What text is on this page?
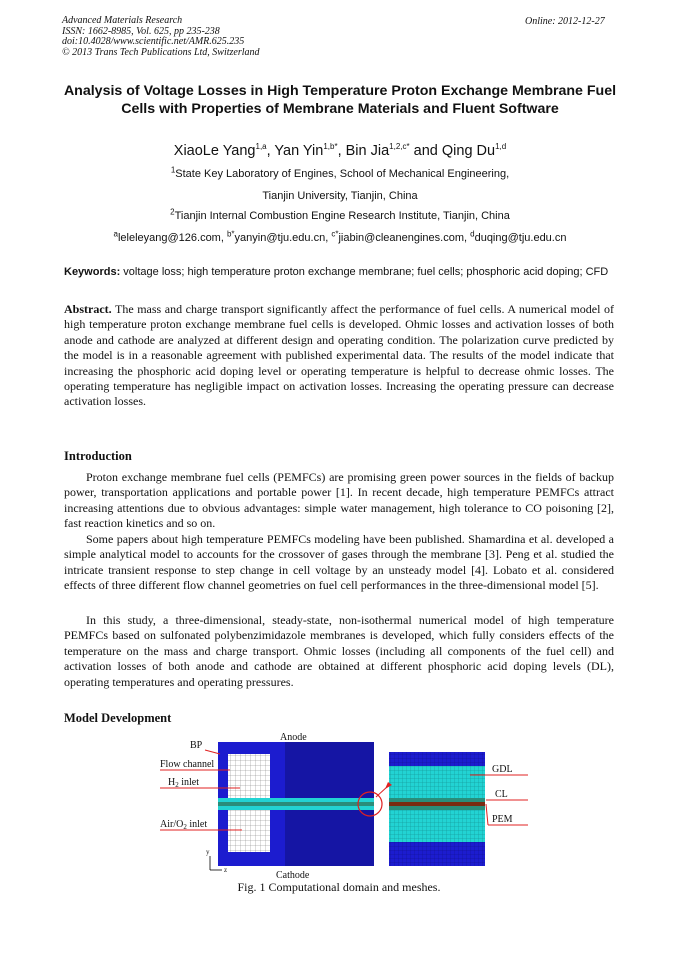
Advanced Materials Research
ISSN: 1662-8985, Vol. 625, pp 235-238
doi:10.4028/www.scientific.net/AMR.625.235
© 2013 Trans Tech Publications Ltd, Switzerland
Online: 2012-12-27
Analysis of Voltage Losses in High Temperature Proton Exchange Membrane Fuel Cells with Properties of Membrane Materials and Fluent Software
XiaoLe Yang$^{1,a}$, Yan Yin$^{1,b*}$, Bin Jia$^{1,2,c*}$ and Qing Du$^{1,d}$
$^1$State Key Laboratory of Engines, School of Mechanical Engineering,
Tianjin University, Tianjin, China
$^2$Tianjin Internal Combustion Engine Research Institute, Tianjin, China
$^a$leleleyang@126.com, $^{b*}$yanyin@tju.edu.cn, $^{c*}$jiabin@cleanengines.com, $^d$duqing@tju.edu.cn
Keywords: voltage loss; high temperature proton exchange membrane; fuel cells; phosphoric acid doping; CFD
Abstract. The mass and charge transport significantly affect the performance of fuel cells. A numerical model of high temperature proton exchange membrane fuel cells is developed. Ohmic losses and activation losses of both anode and cathode are analyzed at different design and operating condition. The polarization curve predicted by the model is in a reasonable agreement with published experimental data. The results of the model indicate that increasing the phosphoric acid doping level or operating temperature is helpful to decrease ohmic losses. The operating temperature has negligible impact on activation losses. Increasing the operating pressure can decrease activation losses.
Introduction
Proton exchange membrane fuel cells (PEMFCs) are promising green power sources in the fields of backup power, transportation applications and portable power [1]. In recent decade, high temperature PEMFCs attract increasing attentions due to obvious advantages: simple water management, high tolerance to CO poisoning [2], fast reaction kinetics and so on.
Some papers about high temperature PEMFCs modeling have been published. Shamardina et al. developed a simple analytical model to accounts for the crossover of gases through the membrane [3]. Peng et al. studied the intricate transient response to step change in cell voltage by an unsteady model [4]. Lobato et al. considered effects of three different flow channel geometries on fuel cell performances in the three-dimensional model [5].
In this study, a three-dimensional, steady-state, non-isothermal numerical model of high temperature PEMFCs based on sulfonated polybenzimidazole membranes is developed, which fully considers effects of the temperature on the mass and charge transport. Ohmic losses (including all components of the fuel cell) and activation losses of both anode and cathode are obtained at different phosphoric acid doping levels (DL), operating temperatures and operating pressures.
Model Development
BP
Anode
Flow channel
$H_2$ inlet
Air/$O_2$ inlet
Cathode
GDL
CL
PEM
y
z
Fig. 1 Computational domain and meshes.
